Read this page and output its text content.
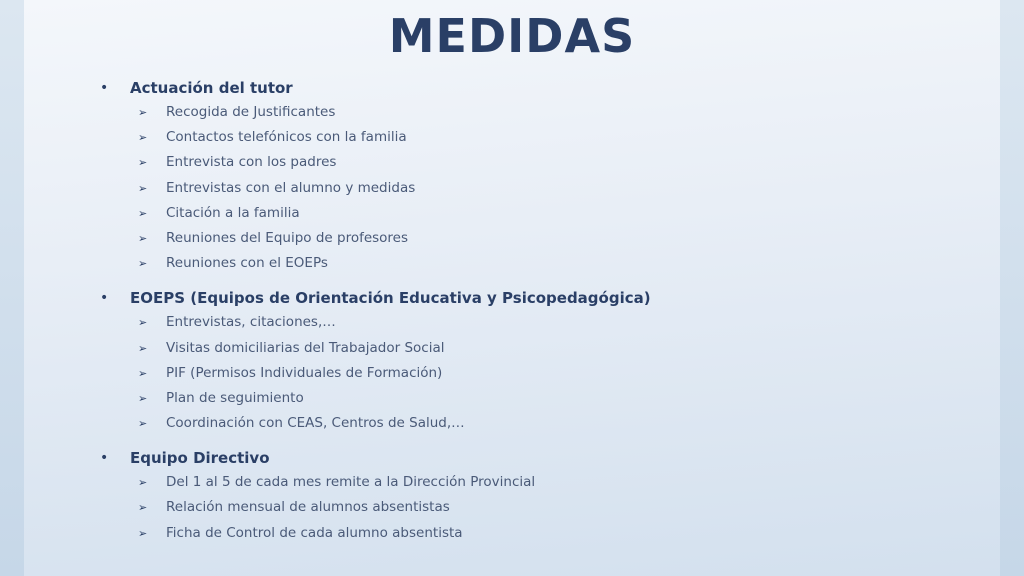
MEDIDAS
•	Actuación del tutor
➢ Recogida de Justificantes
➢ Contactos telefónicos con la familia
➢ Entrevista con los padres
➢ Entrevistas con el alumno y medidas
➢ Citación a la familia
➢ Reuniones del Equipo de profesores
➢ Reuniones con el EOEPs
•	EOEPS (Equipos de Orientación Educativa y Psicopedagógica)
➢ Entrevistas, citaciones,…
➢ Visitas domiciliarias del Trabajador Social
➢ PIF (Permisos Individuales de Formación)
➢ Plan de seguimiento
➢ Coordinación con CEAS, Centros de Salud,…
•	Equipo Directivo
➢ Del 1 al 5 de cada mes remite a la Dirección Provincial
➢ Relación mensual de alumnos absentistas
➢ Ficha de Control de cada alumno absentista
